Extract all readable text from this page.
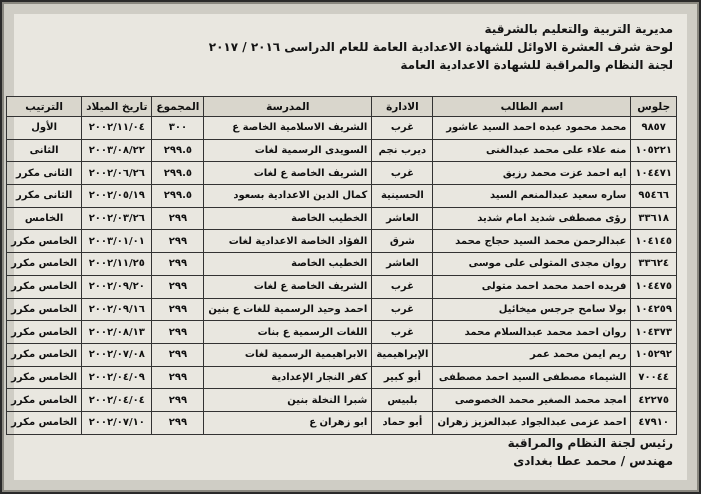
مديرية التربية والتعليم بالشرقية
لوحة شرف العشرة الاوائل للشهادة الاعدادية العامة للعام الدراسى ٢٠١٦ / ٢٠١٧
لجنة النظام والمراقبة للشهادة الاعدادية العامة
جلوس	اسم الطالب	الادارة	المدرسة	المجموع	تاريخ الميلاد	الترتيب
٩٨٥٧	محمد محمود عبده احمد السيد عاشور	غرب	الشريف الاسلامية الخاصة ع	٣٠٠	٢٠٠٢/١١/٠٤	الأول
١٠٥٢٢١	منه علاء على محمد عبدالغنى	ديرب نجم	السويدى الرسمية لغات	٢٩٩.٥	٢٠٠٣/٠٨/٢٢	الثانى
١٠٤٤٧١	ايه احمد عزت محمد رزيق	غرب	الشريف الخاصة ع لغات	٢٩٩.٥	٢٠٠٢/٠٦/٢٦	الثانى مكرر
٩٥٤٦٦	ساره سعيد عبدالمنعم السيد	الحسينية	كمال الدين الاعدادية بسعود	٢٩٩.٥	٢٠٠٢/٠٥/١٩	الثانى مكرر
٣٣٦١٨	رؤى مصطفى شديد امام شديد	العاشر	الخطيب الخاصة	٢٩٩	٢٠٠٢/٠٣/٢٦	الخامس
١٠٤١٤٥	عبدالرحمن محمد السيد حجاج محمد	شرق	الفؤاد الخاصة الاعدادية لغات	٢٩٩	٢٠٠٣/٠١/٠١	الخامس مكرر
٣٣٦٢٤	روان مجدى المتولى على موسى	العاشر	الخطيب الخاصة	٢٩٩	٢٠٠٢/١١/٢٥	الخامس مكرر
١٠٤٤٧٥	فريده احمد محمد احمد متولى	غرب	الشريف الخاصة ع لغات	٢٩٩	٢٠٠٢/٠٩/٢٠	الخامس مكرر
١٠٤٢٥٩	بولا سامح جرجس ميخائيل	غرب	احمد وحيد الرسمية للغات ع بنين	٢٩٩	٢٠٠٢/٠٩/١٦	الخامس مكرر
١٠٤٣٧٣	روان احمد محمد عبدالسلام محمد	غرب	اللغات الرسمية ع بنات	٢٩٩	٢٠٠٢/٠٨/١٣	الخامس مكرر
١٠٥٢٩٢	ريم ايمن محمد عمر	الإبراهيمية	الابراهيمية الرسمية لغات	٢٩٩	٢٠٠٢/٠٧/٠٨	الخامس مكرر
٧٠٠٤٤	الشيماء مصطفى السيد احمد مصطفى	أبو كبير	كفر النجار الإعدادية	٢٩٩	٢٠٠٢/٠٤/٠٩	الخامس مكرر
٤٢٢٧٥	امجد محمد الصغير محمد الخصوصى	بلبيس	شبرا النخلة بنين	٢٩٩	٢٠٠٢/٠٤/٠٤	الخامس مكرر
٤٧٩١٠	احمد عزمى عبدالجواد عبدالعزيز زهران	أبو حماد	ابو زهران ع	٢٩٩	٢٠٠٢/٠٧/١٠	الخامس مكرر
رئيس لجنة النظام والمراقبة
مهندس / محمد عطا بغدادى
